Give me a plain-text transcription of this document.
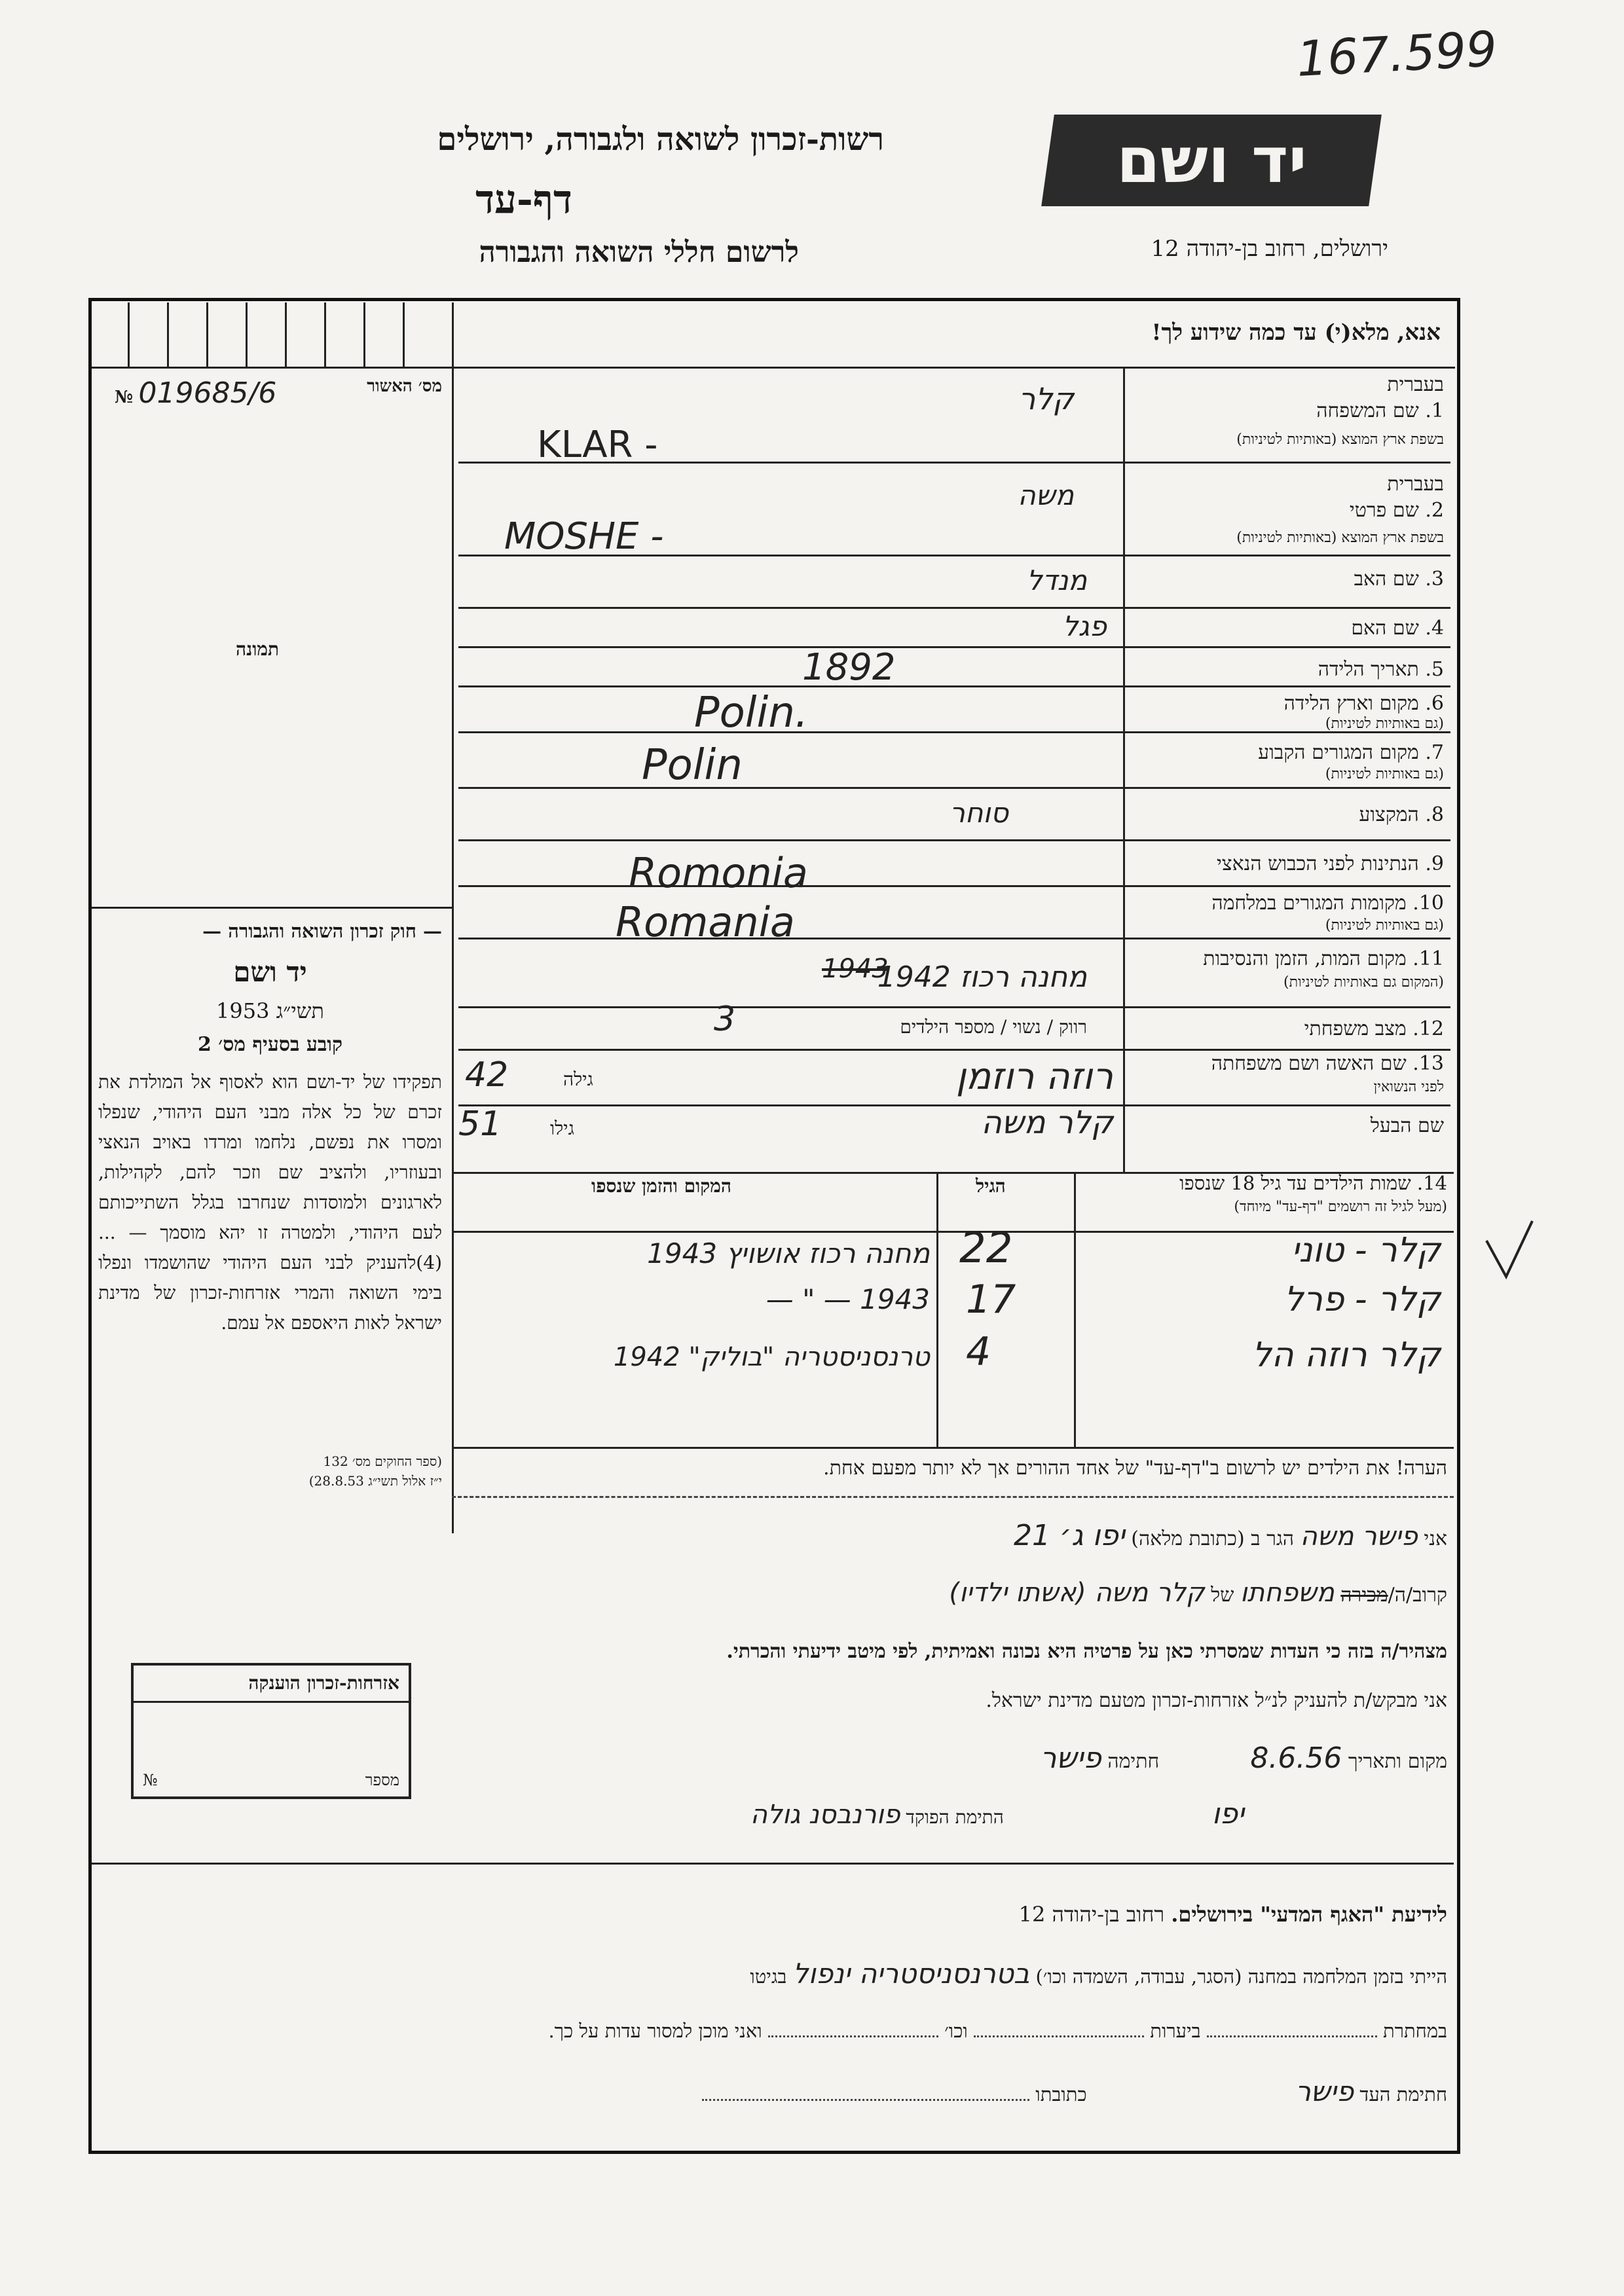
167.599
רשות-זכרון לשואה ולגבורה, ירושלים
דף-עד
לרשום חללי השואה והגבורה
יד ושם
ירושלים, רחוב בן-יהודה 12
אנא, מלא(י) עד כמה שידוע לך!
№ 019685/6	מס׳ האשור
תמונה
— חוק זכרון השואה והגבורה —
יד ושם
1953 תשי״ג
קובע בסעיף מס׳ 2
תפקידו של יד-ושם הוא לאסוף אל המולדת את זכרם של כל אלה מבני העם היהודי, שנפלו ומסרו את נפשם, נלחמו ומרדו באויב הנאצי ובעוזריו, ולהציב שם וזכר להם, לקהילות, לארגונים ולמוסדות שנחרבו בגלל השתייכותם לעם היהודי, ולמטרה זו יהא מוסמך — ...(4)להעניק לבני העם היהודי שהושמדו ונפלו בימי השואה והמרי אזרחות-זכרון של מדינת ישראל לאות היאספם אל עמם.
(ספר החוקים מס׳ 132
י״ז אלול תשי״ג 28.8.53)
בעברית
1. שם המשפחה
בשפת ארץ המוצא (באותיות לטיניות)
קלר
KLAR -
בעברית
2. שם פרטי
בשפת ארץ המוצא (באותיות לטיניות)
משה
MOSHE -
3. שם האב
מנדל
4. שם האם
פגל
5. תאריך הלידה
1892
6. מקום וארץ הלידה
(גם באותיות לטיניות)
Polin.
7. מקום המגורים הקבוע
(גם באותיות לטיניות)
Polin
8. המקצוע
סוחר
9. הנתינות לפני הכבוש הנאצי
Romonia
10. מקומות המגורים במלחמה
(גם באותיות לטיניות)
Romania
11. מקום המות, הזמן והנסיבות
(המקום גם באותיות לטיניות)
מחנה רכוז 1942
1943
12. מצב משפחתי
רווק / נשוי / מספר הילדים
3
13. שם האשה ושם משפחתה
לפני הנשואין
רוזה רוזמן
גילה
42
שם הבעל
קלר משה
גילו
51
14. שמות הילדים עד גיל 18 שנספו
(מעל לגיל זה רושמים "דף-עד" מיוחד)
הגיל
המקום והזמן שנספו
קלר - טוני
22
מחנה רכוז אושויץ 1943
קלר - פרל
17
1943 — " —
קלר רוזה הל
4
טרנסניסטריה "בוליק" 1942
הערה! את הילדים יש לרשום ב"דף-עד" של אחד ההורים אך לא יותר מפעם אחת.
אני פישר משה הגר ב (כתובת מלאה) יפו ג׳ 21
קרוב/ה/מכירה משפחתו של קלר משה (אשתו ילדיו)
מצהיר/ה בזה כי העדות שמסרתי כאן על פרטיה היא נכונה ואמיתית, לפי מיטב ידיעתי והכרתי.
אני מבקש/ת להעניק לנ״ל אזרחות-זכרון מטעם מדינת ישראל.
מקום ותאריך 8.6.56  חתימה פישר
יפו  התימת הפוקד פורנבסנ גולה
אזרחות-זכרון הוענקה
№	מספר
לידיעת "האגף המדעי" בירושלים. רחוב בן-יהודה 12
הייתי בזמן המלחמה במחנה (הסגר, עבודה, השמדה וכו׳) בטרנסניסטריה ינפול בגיטו
במחתרת  ביערות  וכו׳  ואני מוכן למסור עדות על כך.
חתימת העד פישר  כתובתו
